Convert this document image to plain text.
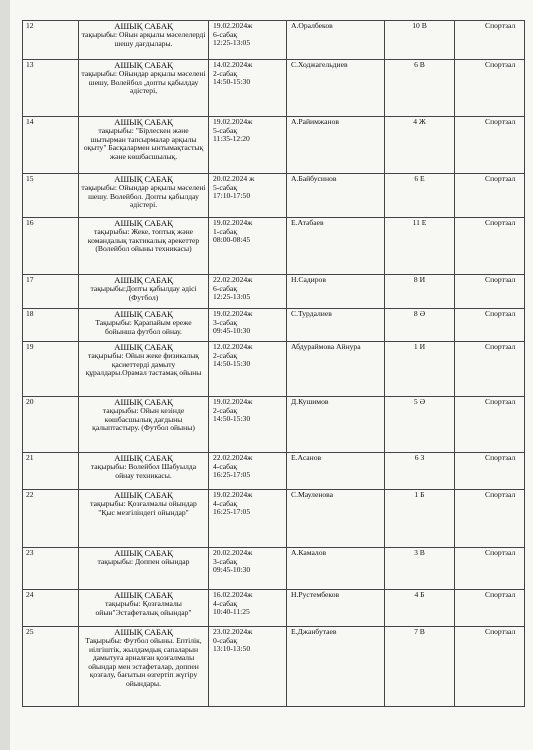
12	АШЫҚ САБАҚ
тақырыбы: Ойын арқылы мәселелерді шешу дағдылары.	19.02.2024ж
6-сабақ
12:25-13:05	А.Оралбеков	10 В	Спортзал
13	АШЫҚ САБАҚ
тақырыбы: Ойындар арқылы мәселені шешу, Волейбол ,допты қабылдау әдістері,	14.02.2024ж
2-сабақ
14:50-15:30	С.Ходжагельдиев	6 В	Спортзал
14	АШЫҚ САБАҚ
тақырыбы: "Бірлескен және шытырман тапсырмалар арқылы оқыту" Басқалармен ынтымақтастық және көшбасшылық.	19.02.2024ж
5-сабақ
11:35-12:20	А.Райимжанов	4 Ж	Спортзал
15	АШЫҚ САБАҚ
тақырыбы: Ойындар арқылы мәселені шешу. Волейбол. Допты қабылдау әдістері.	20.02.2024 ж
5-сабақ
17:10-17:50	А.Байбусинов	6 Е	Спортзал
16	АШЫҚ САБАҚ
тақырыбы: Жеке, топтық және командалық тактикалық әрекеттер (Волейбол ойыны техникасы)	19.02.2024ж
1-сабақ
08:00-08:45	Е.Атабаев	11 Е	Спортзал
17	АШЫҚ САБАҚ
тақырыбы:Допты қабылдау әдісі (Футбол)	22.02.2024ж
6-сабақ
12:25-13:05	Н.Садиров	8 И	Спортзал
18	АШЫҚ САБАҚ
Тақырыбы: Қарапайым ереже бойынша футбол ойнау.	19.02.2024ж
3-сабақ
09:45-10:30	С.Турдалиев	8 Ә	Спортзал
19	АШЫҚ САБАҚ
тақырыбы: Ойын жеке физикалық қасиеттерді дамыту құралдары.Орамал тастамақ ойыны	12.02.2024ж
2-сабақ
14:50-15:30	Абдураймова Айнура	1 И	Спортзал
20	АШЫҚ САБАҚ
тақырыбы: Ойын кезінде көшбасшылық дағдыны қалыптастыру. (Футбол ойыны)	19.02.2024ж
2-сабақ
14:50-15:30	Д.Кушимов	5 Ә	Спортзал
21	АШЫҚ САБАҚ
тақырыбы: Волейбол Шабуылда ойнау техникасы.	22.02.2024ж
4-сабақ
16:25-17:05	Е.Асанов	6 З	Спортзал
22	АШЫҚ САБАҚ
тақырыбы: Қозғалмалы ойындар "Қыс мезгіліндегі ойындар"	19.02.2024ж
4-сабақ
16:25-17:05	С.Мауленова	1 Б	Спортзал
23	АШЫҚ САБАҚ
тақырыбы: Доппен ойындар	20.02.2024ж
3-сабақ
09:45-10:30	А.Камалов	3 В	Спортзал
24	АШЫҚ САБАҚ
тақырыбы: Қозғалмалы ойын"Эстафеталық ойындар"	16.02.2024ж
4-сабақ
10:40-11:25	Н.Рустембеков	4 Б	Спортзал
25	АШЫҚ САБАҚ
Тақырыбы: Футбол ойыны. Ептілік, иілгіштік, жылдамдық сапаларын дамытуға арналған қозғалмалы ойындар мен эстафеталар, доппен қозғалу, бағытын өзгертіп жүгіру ойындары.	23.02.2024ж
0-сабақ
13:10-13:50	Е.Джанбутаев	7 В	Спортзал
